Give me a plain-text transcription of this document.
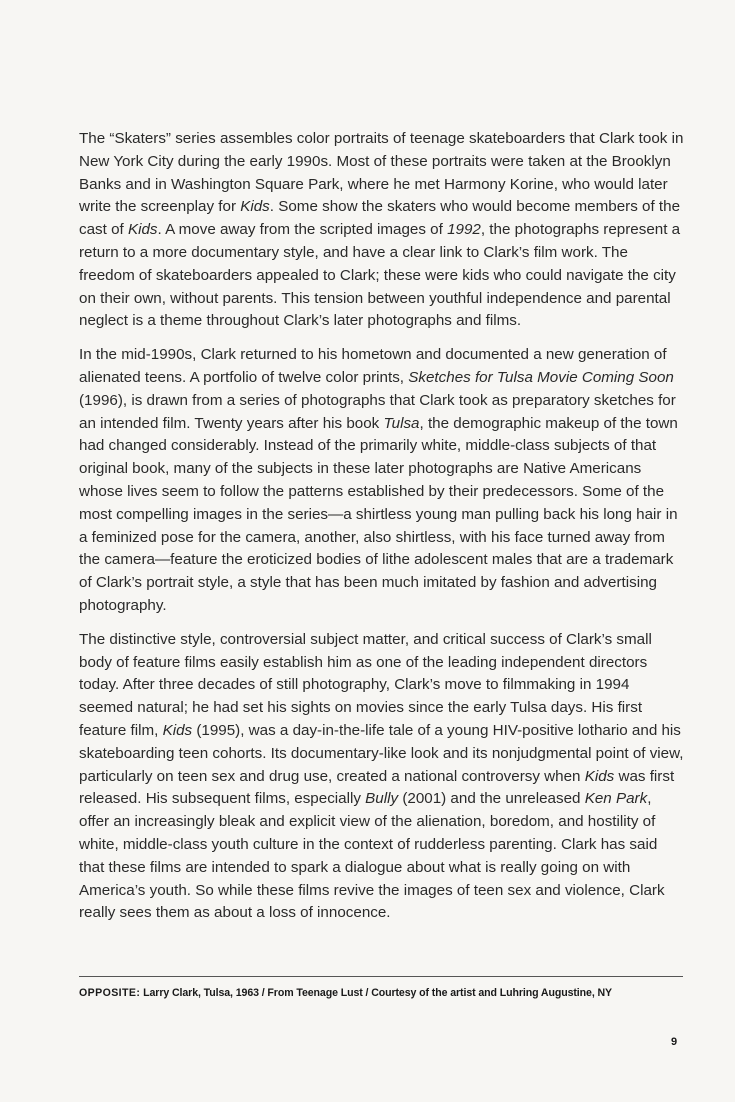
The “Skaters” series assembles color portraits of teenage skateboarders that Clark took in New York City during the early 1990s. Most of these portraits were taken at the Brooklyn Banks and in Washington Square Park, where he met Harmony Korine, who would later write the screenplay for Kids. Some show the skaters who would become members of the cast of Kids. A move away from the scripted images of 1992, the photographs represent a return to a more documentary style, and have a clear link to Clark’s film work. The freedom of skateboarders appealed to Clark; these were kids who could navigate the city on their own, without parents. This tension between youthful independence and parental neglect is a theme throughout Clark’s later photographs and films.

In the mid-1990s, Clark returned to his hometown and documented a new generation of alienated teens. A portfolio of twelve color prints, Sketches for Tulsa Movie Coming Soon (1996), is drawn from a series of photographs that Clark took as preparatory sketches for an intended film. Twenty years after his book Tulsa, the demographic makeup of the town had changed considerably. Instead of the primarily white, middle-class subjects of that original book, many of the subjects in these later photographs are Native Americans whose lives seem to follow the patterns established by their predecessors. Some of the most compelling images in the series—a shirtless young man pulling back his long hair in a feminized pose for the camera, another, also shirtless, with his face turned away from the camera—feature the eroticized bodies of lithe adolescent males that are a trademark of Clark’s portrait style, a style that has been much imitated by fashion and advertising photography.

The distinctive style, controversial subject matter, and critical success of Clark’s small body of feature films easily establish him as one of the leading independent directors today. After three decades of still photography, Clark’s move to filmmaking in 1994 seemed natural; he had set his sights on movies since the early Tulsa days. His first feature film, Kids (1995), was a day-in-the-life tale of a young HIV-positive lothario and his skateboarding teen cohorts. Its documentary-like look and its nonjudgmental point of view, particularly on teen sex and drug use, created a national controversy when Kids was first released. His subsequent films, especially Bully (2001) and the unreleased Ken Park, offer an increasingly bleak and explicit view of the alienation, boredom, and hostility of white, middle-class youth culture in the context of rudderless parenting. Clark has said that these films are intended to spark a dialogue about what is really going on with America’s youth. So while these films revive the images of teen sex and violence, Clark really sees them as about a loss of innocence.

OPPOSITE: Larry Clark, Tulsa, 1963 / From Teenage Lust / Courtesy of the artist and Luhring Augustine, NY
9
